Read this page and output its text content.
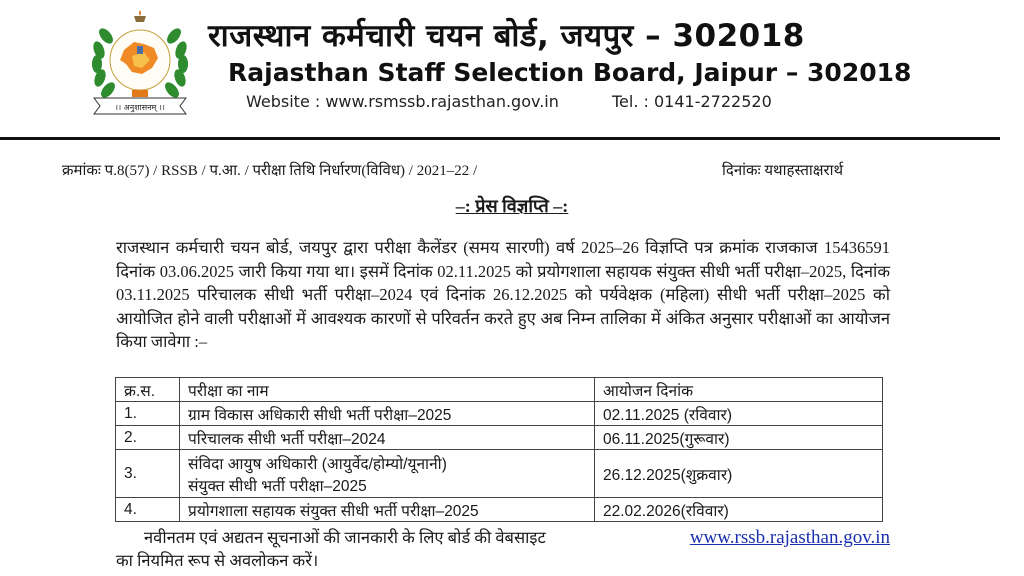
।। अनुशासनम् ।।
राजस्थान कर्मचारी चयन बोर्ड, जयपुर – 302018
Rajasthan Staff Selection Board, Jaipur – 302018
Website : www.rsmssb.rajasthan.gov.in	Tel. : 0141-2722520
क्रमांकः प.8(57) / RSSB / प.आ. / परीक्षा तिथि निर्धारण(विविध) / 2021–22 /	दिनांकः यथाहस्ताक्षरार्थ
–: प्रेस विज्ञप्ति –:
राजस्थान कर्मचारी चयन बोर्ड, जयपुर द्वारा परीक्षा कैलेंडर (समय सारणी) वर्ष 2025–26 विज्ञप्ति पत्र क्रमांक राजकाज 15436591 दिनांक 03.06.2025 जारी किया गया था। इसमें दिनांक 02.11.2025 को प्रयोगशाला सहायक संयुक्त सीधी भर्ती परीक्षा–2025, दिनांक 03.11.2025 परिचालक सीधी भर्ती परीक्षा–2024 एवं दिनांक 26.12.2025 को पर्यवेक्षक (महिला) सीधी भर्ती परीक्षा–2025 को आयोजित होने वाली परीक्षाओं में आवश्यक कारणों से परिवर्तन करते हुए अब निम्न तालिका में अंकित अनुसार परीक्षाओं का आयोजन किया जावेगा :–
क्र.स.	परीक्षा का नाम	आयोजन दिनांक
1.	ग्राम विकास अधिकारी सीधी भर्ती परीक्षा–2025	02.11.2025 (रविवार)
2.	परिचालक सीधी भर्ती परीक्षा–2024	06.11.2025(गुरूवार)
3.	संविदा आयुष अधिकारी (आयुर्वेद/होम्यो/यूनानी)
संयुक्त सीधी भर्ती परीक्षा–2025	26.12.2025(शुक्रवार)
4.	प्रयोगशाला सहायक संयुक्त सीधी भर्ती परीक्षा–2025	22.02.2026(रविवार)
www.rssb.rajasthan.gov.in
नवीनतम एवं अद्यतन सूचनाओं की जानकारी के लिए बोर्ड की वेबसाइट
का नियमित रूप से अवलोकन करें।
